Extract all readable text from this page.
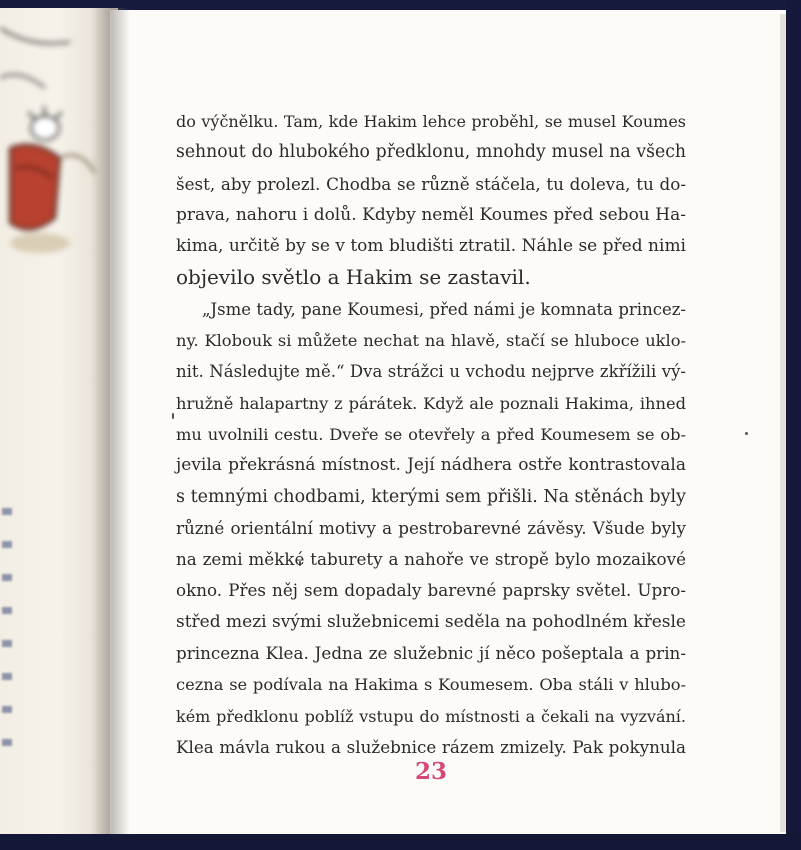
do výčnělku. Tam, kde Hakim lehce proběhl, se musel Koumes
sehnout do hlubokého předklonu, mnohdy musel na všech
šest, aby prolezl. Chodba se různě stáčela, tu doleva, tu do-
prava, nahoru i dolů. Kdyby neměl Koumes před sebou Ha-
kima, určitě by se v tom bludišti ztratil. Náhle se před nimi
objevilo světlo a Hakim se zastavil.
„Jsme tady, pane Koumesi, před námi je komnata princez-
ny. Klobouk si můžete nechat na hlavě, stačí se hluboce uklo-
nit. Následujte mě.“ Dva strážci u vchodu nejprve zkřížili vý-
hružně halapartny z párátek. Když ale poznali Hakima, ihned
mu uvolnili cestu. Dveře se otevřely a před Koumesem se ob-
jevila překrásná místnost. Její nádhera ostře kontrastovala
s temnými chodbami, kterými sem přišli. Na stěnách byly
různé orientální motivy a pestrobarevné závěsy. Všude byly
na zemi měkké taburety a nahoře ve stropě bylo mozaikové
okno. Přes něj sem dopadaly barevné paprsky světel. Upro-
střed mezi svými služebnicemi seděla na pohodlném křesle
princezna Klea. Jedna ze služebnic jí něco pošeptala a prin-
cezna se podívala na Hakima s Koumesem. Oba stáli v hlubo-
kém předklonu poblíž vstupu do místnosti a čekali na vyzvání.
Klea mávla rukou a služebnice rázem zmizely. Pak pokynula
23
